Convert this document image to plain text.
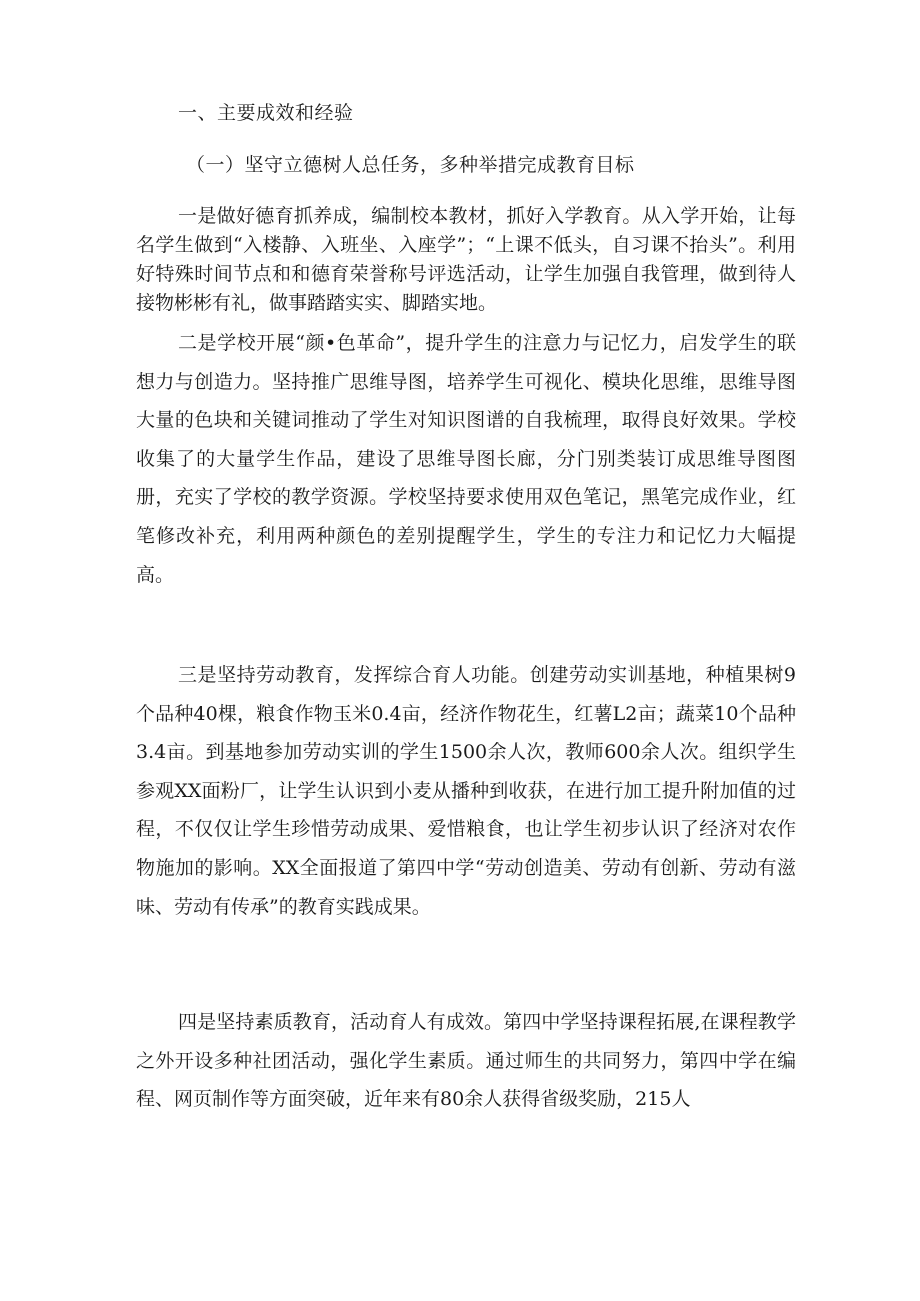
一、主要成效和经验
（一）坚守立德树人总任务，多种举措完成教育目标

一是做好德育抓养成，编制校本教材，抓好入学教育。从入学开始，让每名学生做到“入楼静、入班坐、入座学”；“上课不低头，自习课不抬头”。利用好特殊时间节点和和德育荣誉称号评选活动，让学生加强自我管理，做到待人接物彬彬有礼，做事踏踏实实、脚踏实地。

二是学校开展“颜•色革命”，提升学生的注意力与记忆力，启发学生的联想力与创造力。坚持推广思维导图，培养学生可视化、模块化思维，思维导图大量的色块和关键词推动了学生对知识图谱的自我梳理，取得良好效果。学校收集了的大量学生作品，建设了思维导图长廊，分门别类装订成思维导图图册，充实了学校的教学资源。学校坚持要求使用双色笔记，黑笔完成作业，红笔修改补充，利用两种颜色的差别提醒学生，学生的专注力和记忆力大幅提高。

三是坚持劳动教育，发挥综合育人功能。创建劳动实训基地，种植果树9个品种40棵，粮食作物玉米0.4亩，经济作物花生，红薯L2亩；蔬菜10个品种3.4亩。到基地参加劳动实训的学生1500余人次，教师600余人次。组织学生参观XX面粉厂，让学生认识到小麦从播种到收获，在进行加工提升附加值的过程，不仅仅让学生珍惜劳动成果、爱惜粮食，也让学生初步认识了经济对农作物施加的影响。XX全面报道了第四中学“劳动创造美、劳动有创新、劳动有滋味、劳动有传承”的教育实践成果。

四是坚持素质教育，活动育人有成效。第四中学坚持课程拓展,在课程教学之外开设多种社团活动，强化学生素质。通过师生的共同努力，第四中学在编程、网页制作等方面突破，近年来有80余人获得省级奖励，215人
